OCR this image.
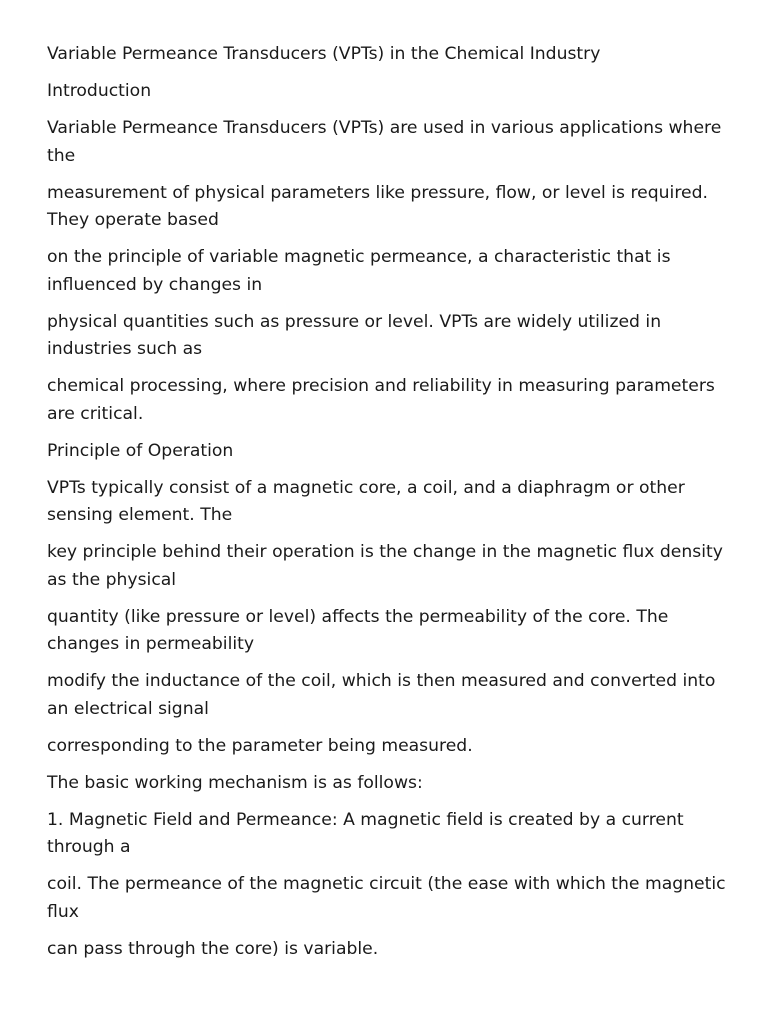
Variable Permeance Transducers (VPTs) in the Chemical Industry

Introduction

Variable Permeance Transducers (VPTs) are used in various applications where the

measurement of physical parameters like pressure, flow, or level is required. They operate based

on the principle of variable magnetic permeance, a characteristic that is influenced by changes in

physical quantities such as pressure or level. VPTs are widely utilized in industries such as

chemical processing, where precision and reliability in measuring parameters are critical.

Principle of Operation

VPTs typically consist of a magnetic core, a coil, and a diaphragm or other sensing element. The

key principle behind their operation is the change in the magnetic flux density as the physical

quantity (like pressure or level) affects the permeability of the core. The changes in permeability

modify the inductance of the coil, which is then measured and converted into an electrical signal

corresponding to the parameter being measured.

The basic working mechanism is as follows:

1. Magnetic Field and Permeance: A magnetic field is created by a current through a

coil. The permeance of the magnetic circuit (the ease with which the magnetic flux

can pass through the core) is variable.
